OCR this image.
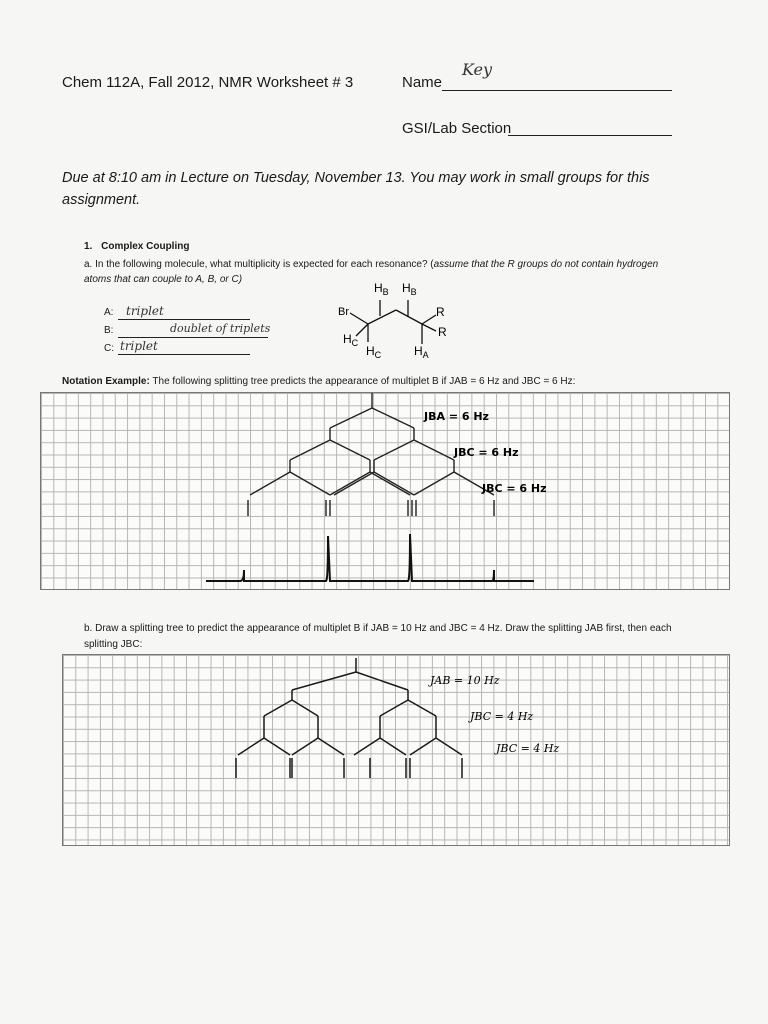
Chem 112A, Fall 2012, NMR Worksheet # 3	Name
Key
GSI/Lab Section
Due at 8:10 am in Lecture on Tuesday, November 13. You may work in small groups for this assignment.
1. Complex Coupling
a. In the following molecule, what multiplicity is expected for each resonance? (assume that the R groups do not contain hydrogen atoms that can couple to A, B, or C)
A: triplet
B:	doublet of triplets
C: triplet
Br
$H_B$ $H_B$
R
R
$H_C$
$H_C$	$H_A$
Notation Example: The following splitting tree predicts the appearance of multiplet B if JAB = 6 Hz and JBC = 6 Hz:
JBA = 6 Hz
JBC = 6 Hz
JBC = 6 Hz
b. Draw a splitting tree to predict the appearance of multiplet B if JAB = 10 Hz and JBC = 4 Hz. Draw the splitting JAB first, then each splitting JBC:
JAB = 10 Hz
JBC = 4 Hz
JBC = 4 Hz
